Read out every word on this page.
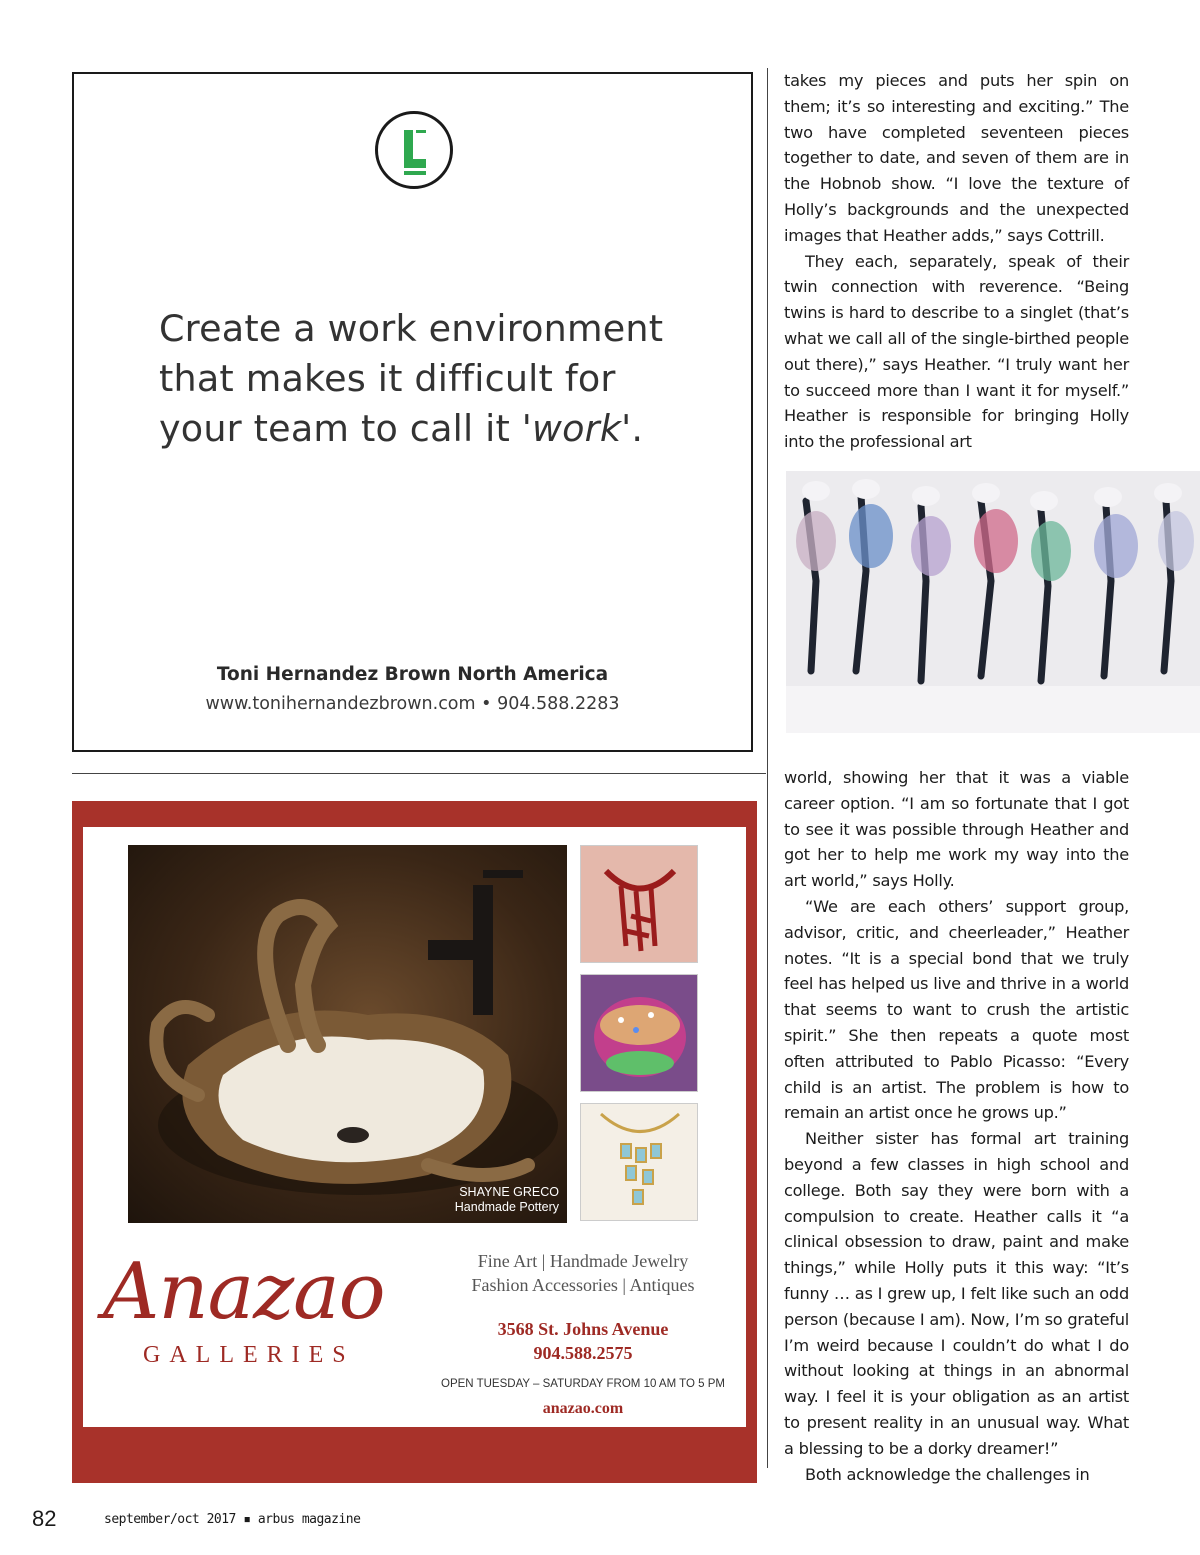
Create a work environment
that makes it difficult for
your team to call it 'work'.
Toni Hernandez Brown North America
www.tonihernandezbrown.com • 904.588.2283
SHAYNE GRECO
Handmade Pottery
Anazao
GALLERIES
Fine Art | Handmade Jewelry
Fashion Accessories | Antiques
3568 St. Johns Avenue
904.588.2575
OPEN TUESDAY – SATURDAY FROM 10 AM TO 5 PM
anazao.com

takes my pieces and puts her spin on them; it’s so interesting and exciting.” The two have completed seventeen pieces together to date, and seven of them are in the Hobnob show. “I love the texture of Holly’s backgrounds and the unexpected images that Heather adds,” says Cottrill.

They each, separately, speak of their twin connection with reverence. “Being twins is hard to describe to a singlet (that’s what we call all of the single-birthed people out there),” says Heather. “I truly want her to succeed more than I want it for myself.” Heather is responsible for bringing Holly into the professional art

world, showing her that it was a viable career option. “I am so fortunate that I got to see it was possible through Heather and got her to help me work my way into the art world,” says Holly.

“We are each others’ support group, advisor, critic, and cheerleader,” Heather notes. “It is a special bond that we truly feel has helped us live and thrive in a world that seems to want to crush the artistic spirit.” She then repeats a quote most often attributed to Pablo Picasso: “Every child is an artist. The problem is how to remain an artist once he grows up.”

Neither sister has formal art training beyond a few classes in high school and college. Both say they were born with a compulsion to create. Heather calls it “a clinical obsession to draw, paint and make things,” while Holly puts it this way: “It’s funny … as I grew up, I felt like such an odd person (because I am). Now, I’m so grateful I’m weird because I couldn’t do what I do without looking at things in an abnormal way. I feel it is your obligation as an artist to present reality in an unusual way. What a blessing to be a dorky dreamer!”

Both acknowledge the challenges in

82	september/oct 2017 ▪ arbus magazine
